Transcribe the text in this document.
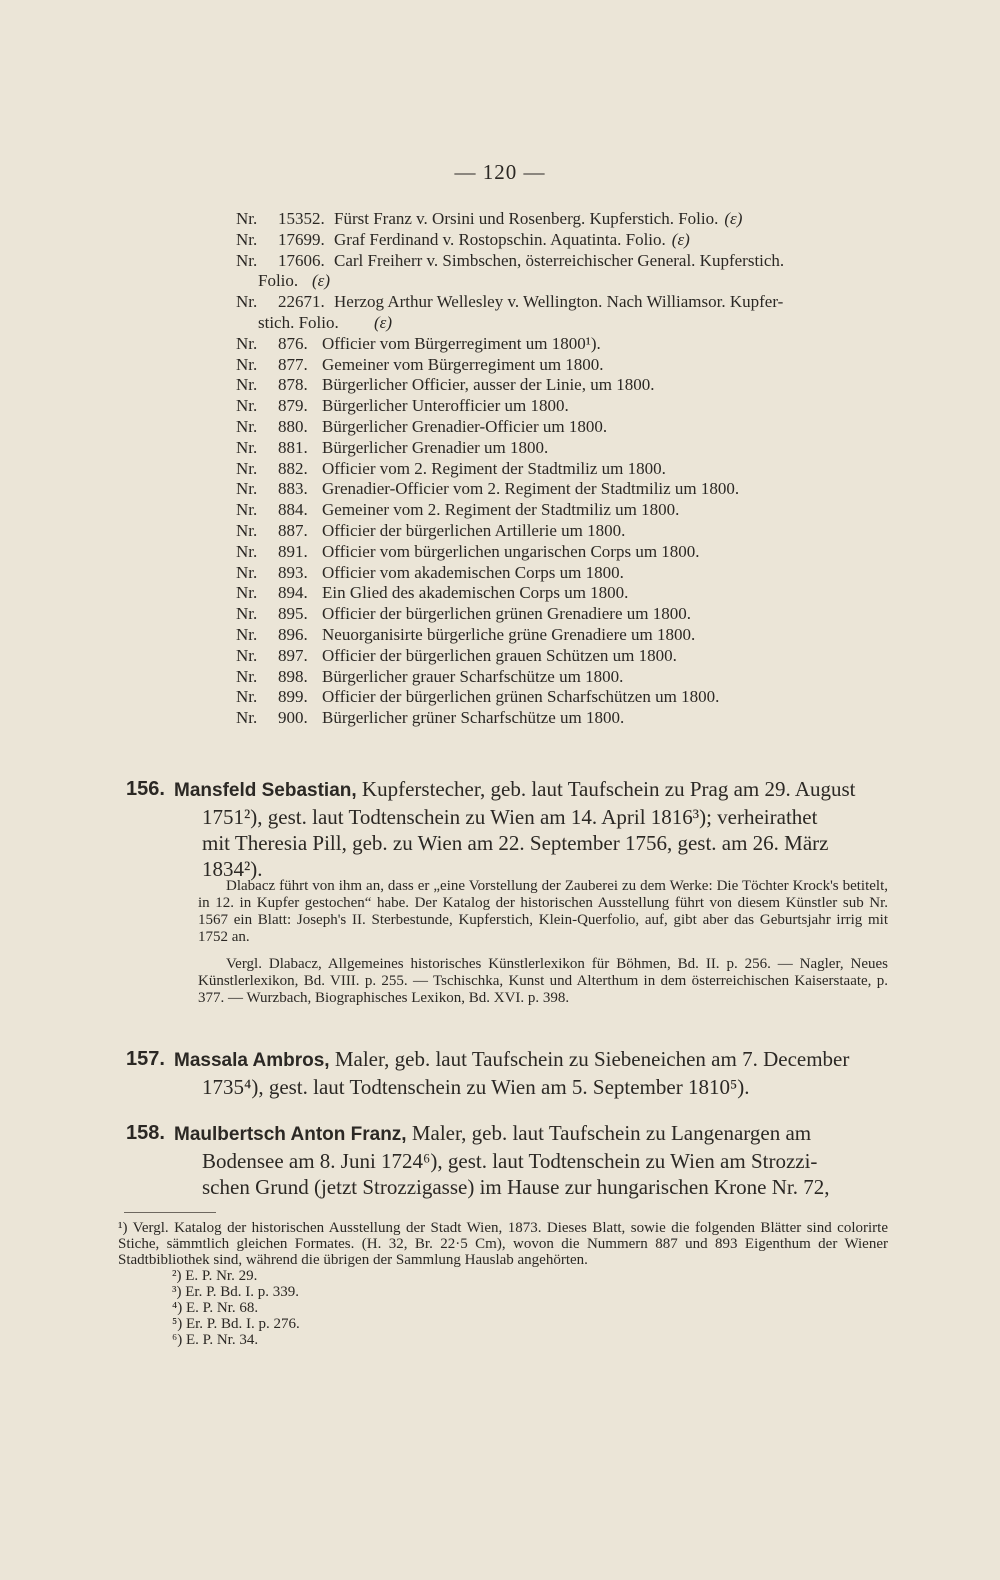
— 120 —
Nr. 15352. Fürst Franz v. Orsini und Rosenberg. Kupferstich. Folio. (ε)
Nr. 17699. Graf Ferdinand v. Rostopschin. Aquatinta. Folio. (ε)
Nr. 17606. Carl Freiherr v. Simbschen, österreichischer General. Kupferstich.
Folio. (ε)
Nr. 22671. Herzog Arthur Wellesley v. Wellington. Nach Williamsor. Kupfer-
stich. Folio.	(ε)
Nr. 876. Officier vom Bürgerregiment um 1800¹).
Nr. 877. Gemeiner vom Bürgerregiment um 1800.
Nr. 878. Bürgerlicher Officier, ausser der Linie, um 1800.
Nr. 879. Bürgerlicher Unterofficier um 1800.
Nr. 880. Bürgerlicher Grenadier-Officier um 1800.
Nr. 881. Bürgerlicher Grenadier um 1800.
Nr. 882. Officier vom 2. Regiment der Stadtmiliz um 1800.
Nr. 883. Grenadier-Officier vom 2. Regiment der Stadtmiliz um 1800.
Nr. 884. Gemeiner vom 2. Regiment der Stadtmiliz um 1800.
Nr. 887. Officier der bürgerlichen Artillerie um 1800.
Nr. 891. Officier vom bürgerlichen ungarischen Corps um 1800.
Nr. 893. Officier vom akademischen Corps um 1800.
Nr. 894. Ein Glied des akademischen Corps um 1800.
Nr. 895. Officier der bürgerlichen grünen Grenadiere um 1800.
Nr. 896. Neuorganisirte bürgerliche grüne Grenadiere um 1800.
Nr. 897. Officier der bürgerlichen grauen Schützen um 1800.
Nr. 898. Bürgerlicher grauer Scharfschütze um 1800.
Nr. 899. Officier der bürgerlichen grünen Scharfschützen um 1800.
Nr. 900. Bürgerlicher grüner Scharfschütze um 1800.
156. Mansfeld Sebastian, Kupferstecher, geb. laut Taufschein zu Prag am 29. August
1751²), gest. laut Todtenschein zu Wien am 14. April 1816³); verheirathet
mit Theresia Pill, geb. zu Wien am 22. September 1756, gest. am 26. März
1834²).
Dlabacz führt von ihm an, dass er „eine Vorstellung der Zauberei zu dem Werke: Die Töchter Krock's betitelt, in 12. in Kupfer gestochen“ habe. Der Katalog der historischen Ausstellung führt von diesem Künstler sub Nr. 1567 ein Blatt: Joseph's II. Sterbestunde, Kupferstich, Klein-Querfolio, auf, gibt aber das Geburtsjahr irrig mit 1752 an.
Vergl. Dlabacz, Allgemeines historisches Künstlerlexikon für Böhmen, Bd. II. p. 256. — Nagler, Neues Künstlerlexikon, Bd. VIII. p. 255. — Tschischka, Kunst und Alterthum in dem österreichischen Kaiserstaate, p. 377. — Wurzbach, Biographisches Lexikon, Bd. XVI. p. 398.
157. Massala Ambros, Maler, geb. laut Taufschein zu Siebeneichen am 7. December
1735⁴), gest. laut Todtenschein zu Wien am 5. September 1810⁵).
158. Maulbertsch Anton Franz, Maler, geb. laut Taufschein zu Langenargen am
Bodensee am 8. Juni 1724⁶), gest. laut Todtenschein zu Wien am Strozzi-
schen Grund (jetzt Strozzigasse) im Hause zur hungarischen Krone Nr. 72,
¹) Vergl. Katalog der historischen Ausstellung der Stadt Wien, 1873. Dieses Blatt, sowie die folgenden Blätter sind colorirte Stiche, sämmtlich gleichen Formates. (H. 32, Br. 22·5 Cm), wovon die Nummern 887 und 893 Eigenthum der Wiener Stadtbibliothek sind, während die übrigen der Sammlung Hauslab angehörten.
²) E. P. Nr. 29.
³) Er. P. Bd. I. p. 339.
⁴) E. P. Nr. 68.
⁵) Er. P. Bd. I. p. 276.
⁶) E. P. Nr. 34.
